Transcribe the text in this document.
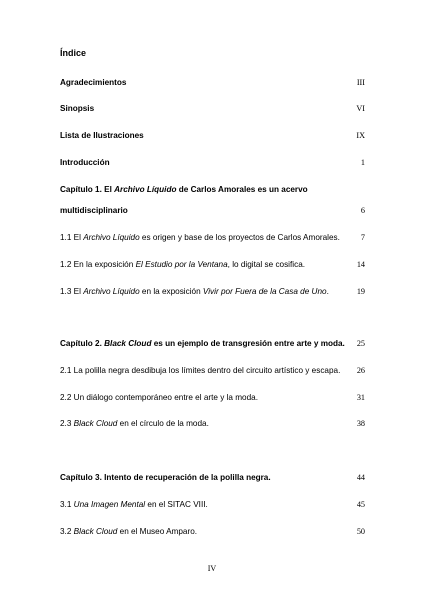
Índice
Agradecimientos	III
Sinopsis	VI
Lista de Ilustraciones	IX
Introducción	1
Capítulo 1. El Archivo Líquido de Carlos Amorales es un acervo
multidisciplinario	6
1.1 El Archivo Líquido es origen y base de los proyectos de Carlos Amorales.	7
1.2 En la exposición El Estudio por la Ventana, lo digital se cosifica.	14
1.3 El Archivo Líquido en la exposición Vivir por Fuera de la Casa de Uno.	19
Capítulo 2. Black Cloud es un ejemplo de transgresión entre arte y moda. 25
2.1 La polilla negra desdibuja los límites dentro del circuito artístico y escapa. 26
2.2 Un diálogo contemporáneo entre el arte y la moda.	31
2.3 Black Cloud en el círculo de la moda.	38
Capítulo 3. Intento de recuperación de la polilla negra.	44
3.1 Una Imagen Mental en el SITAC VIII.	45
3.2 Black Cloud en el Museo Amparo.	50
IV
